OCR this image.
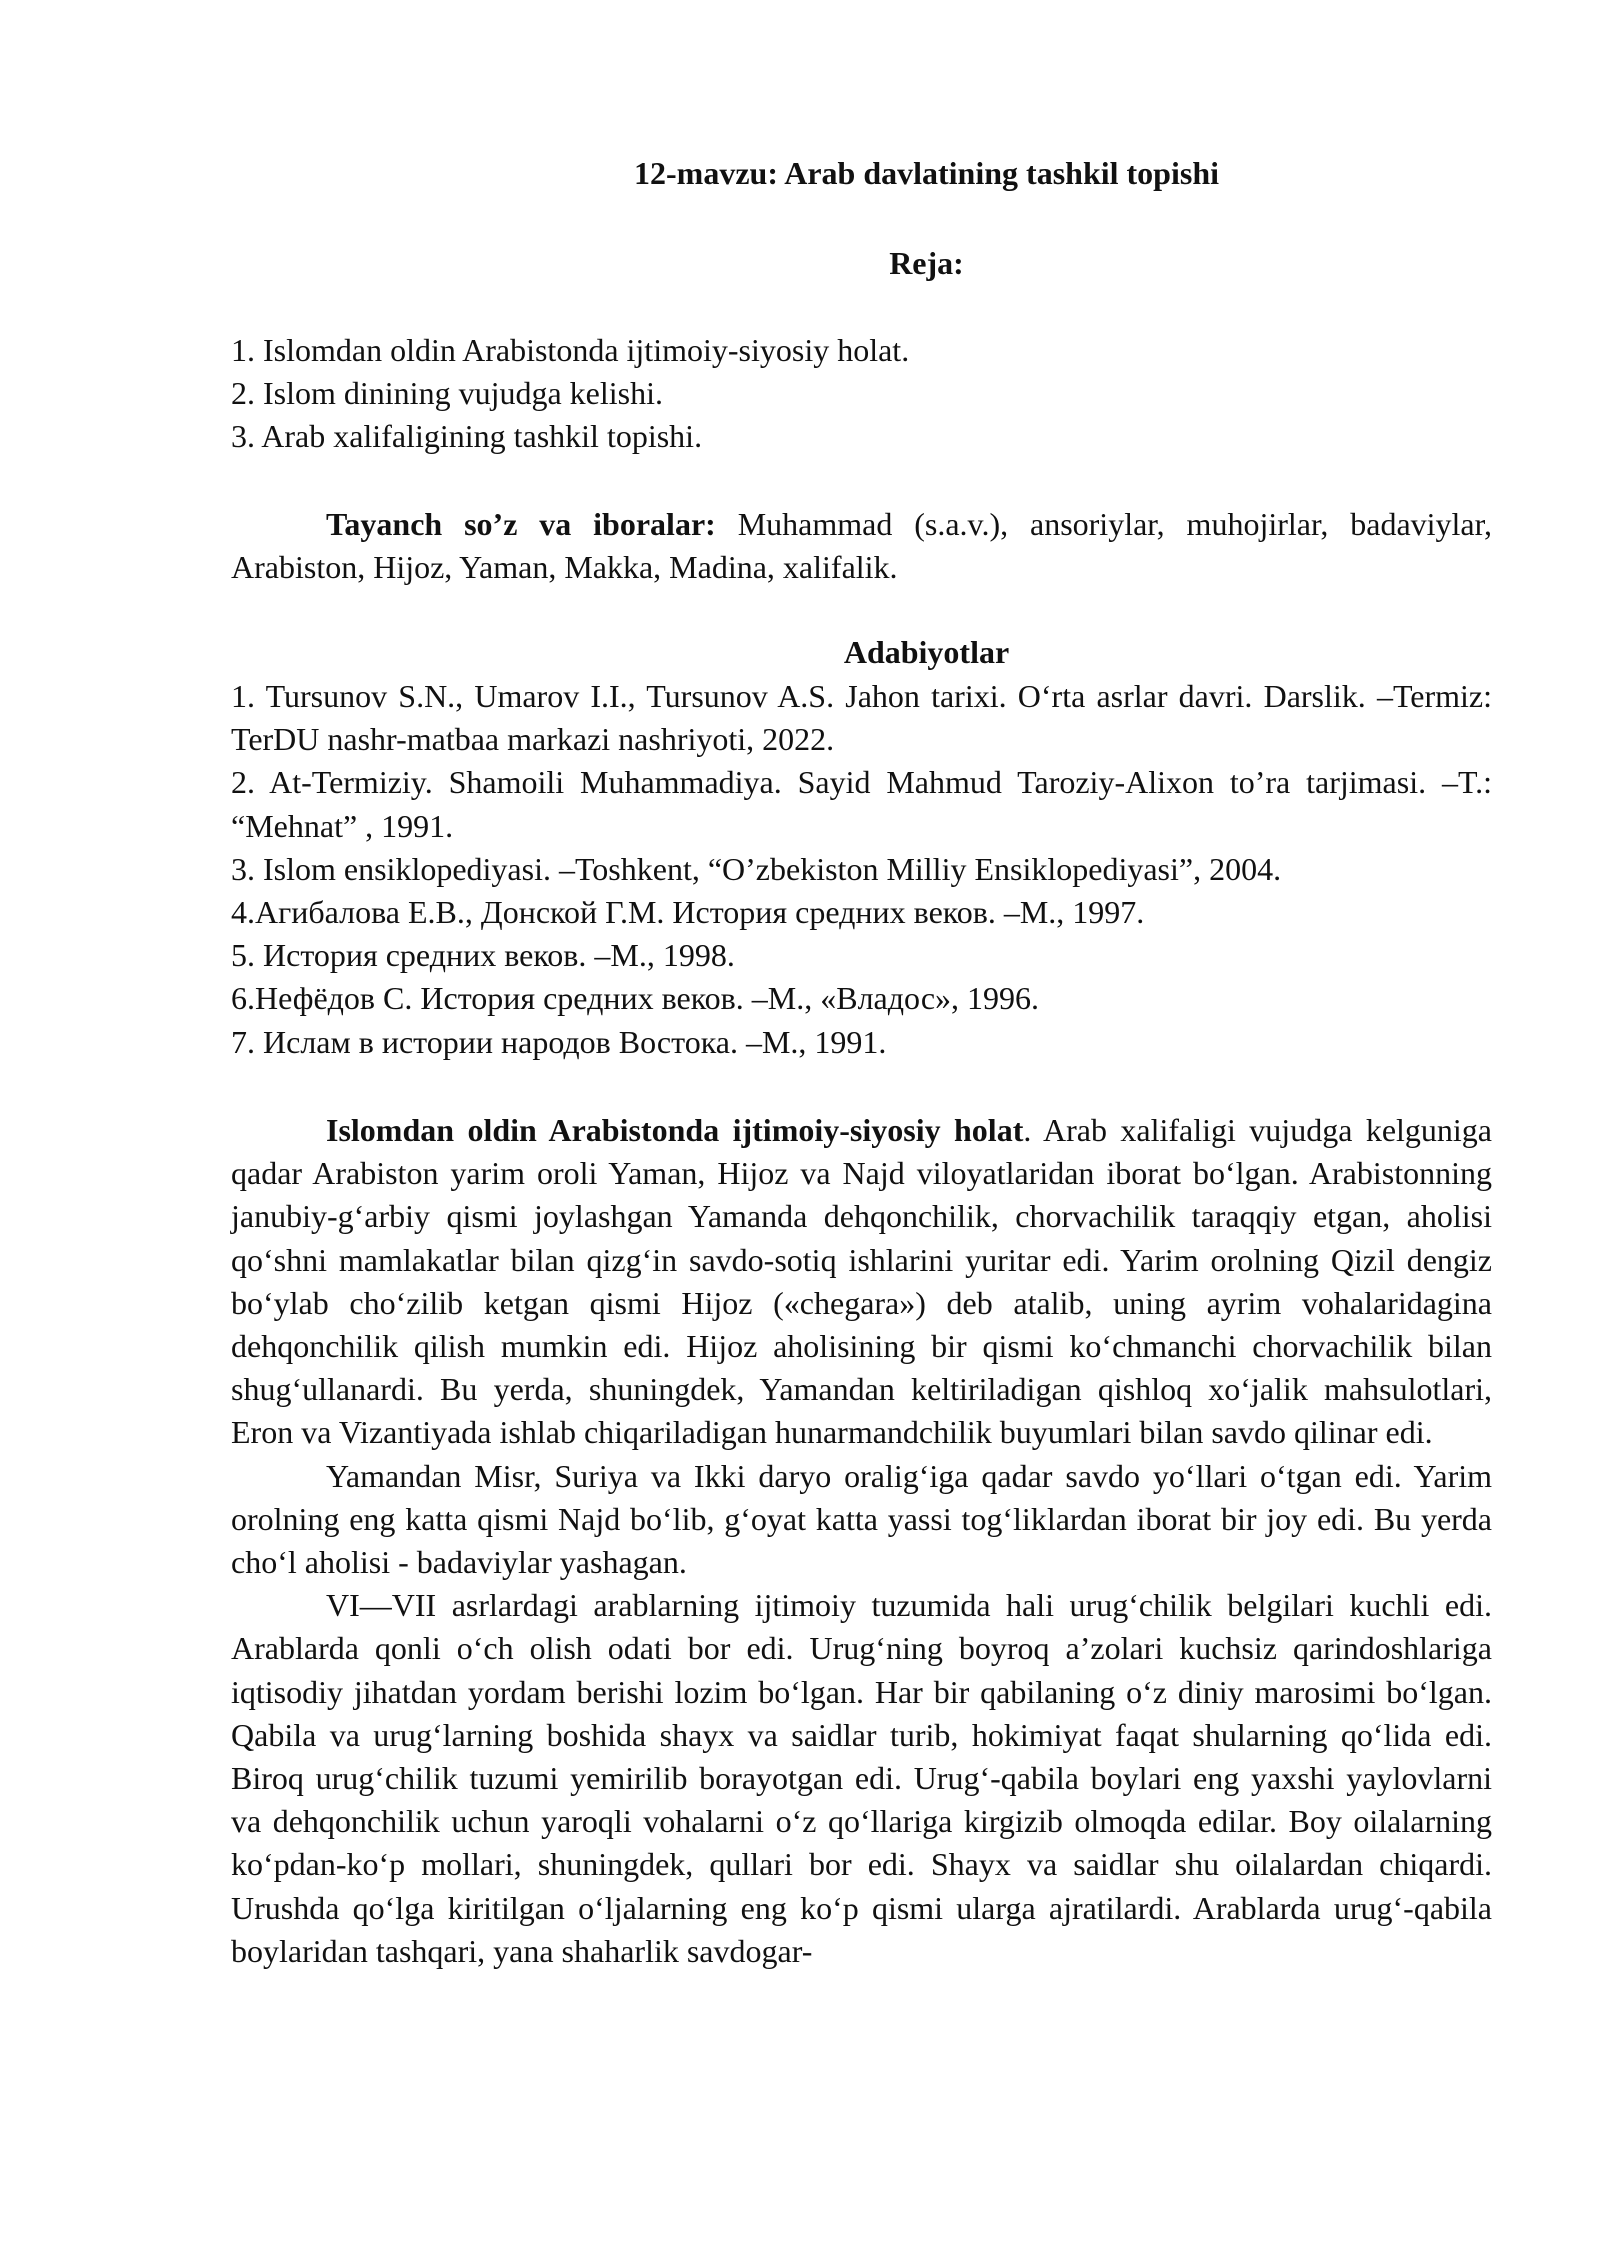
12-mavzu: Arab davlatining tashkil topishi
Reja:
1. Islomdan oldin Arabistonda ijtimoiy-siyosiy holat.
2. Islom dinining vujudga kelishi.
3. Arab xalifaligining tashkil topishi.
Tayanch so’z va iboralar: Muhammad (s.a.v.), ansoriylar, muhojirlar, badaviylar, Arabiston, Hijoz, Yaman, Makka, Madina, xalifalik.
Adabiyotlar
1. Tursunov S.N., Umarov I.I., Tursunov A.S. Jahon tarixi. O‘rta asrlar davri. Darslik. –Termiz: TerDU nashr-matbaa markazi nashriyoti, 2022.
2. At-Termiziy. Shamoili Muhammadiya. Sayid Mahmud Taroziy-Alixon to’ra tarjimasi. –T.: “Mehnat” , 1991.
3. Islom ensiklopediyasi. –Toshkent, “O’zbekiston Milliy Ensiklopediyasi”, 2004.
4.Агибалова Е.В., Донской Г.М. История средних веков. –М., 1997.
5. История средних веков. –М., 1998.
6.Нефёдов С. История средних веков. –М., «Владос», 1996.
7. Ислам в истории народов Востока. –М., 1991.

Islomdan oldin Arabistonda ijtimoiy-siyosiy holat. Arab xalifaligi vujudga kelguniga qadar Arabiston yarim oroli Yaman, Hijoz va Najd viloyatlaridan iborat bo‘lgan. Arabistonning janubiy-g‘arbiy qismi joylashgan Yamanda dehqonchilik, chorvachilik taraqqiy etgan, aholisi qo‘shni mamlakatlar bilan qizg‘in savdo-sotiq ishlarini yuritar edi. Yarim orolning Qizil dengiz bo‘ylab cho‘zilib ketgan qismi Hijoz («chegara») deb atalib, uning ayrim vohalaridagina dehqonchilik qilish mumkin edi. Hijoz aholisining bir qismi ko‘chmanchi chorvachilik bilan shug‘ullanardi. Bu yerda, shuningdek, Yamandan keltiriladigan qishloq xo‘jalik mahsulotlari, Eron va Vizantiyada ishlab chiqariladigan hunarmandchilik buyumlari bilan savdo qilinar edi.

Yamandan Misr, Suriya va Ikki daryo oralig‘iga qadar savdo yo‘llari o‘tgan edi. Yarim orolning eng katta qismi Najd bo‘lib, g‘oyat katta yassi tog‘liklardan iborat bir joy edi. Bu yerda cho‘l aholisi - badaviylar yashagan.

VI—VII asrlardagi arablarning ijtimoiy tuzumida hali urug‘chilik belgilari kuchli edi. Arablarda qonli o‘ch olish odati bor edi. Urug‘ning boyroq a’zolari kuchsiz qarindoshlariga iqtisodiy jihatdan yordam berishi lozim bo‘lgan. Har bir qabilaning o‘z diniy marosimi bo‘lgan. Qabila va urug‘larning boshida shayx va saidlar turib, hokimiyat faqat shularning qo‘lida edi. Biroq urug‘chilik tuzumi yemirilib borayotgan edi. Urug‘-qabila boylari eng yaxshi yaylovlarni va dehqonchilik uchun yaroqli vohalarni o‘z qo‘llariga kirgizib olmoqda edilar. Boy oilalarning ko‘pdan-ko‘p mollari, shuningdek, qullari bor edi. Shayx va saidlar shu oilalardan chiqardi. Urushda qo‘lga kiritilgan o‘ljalarning eng ko‘p qismi ularga ajratilardi. Arablarda urug‘-qabila boylaridan tashqari, yana shaharlik savdogar-
